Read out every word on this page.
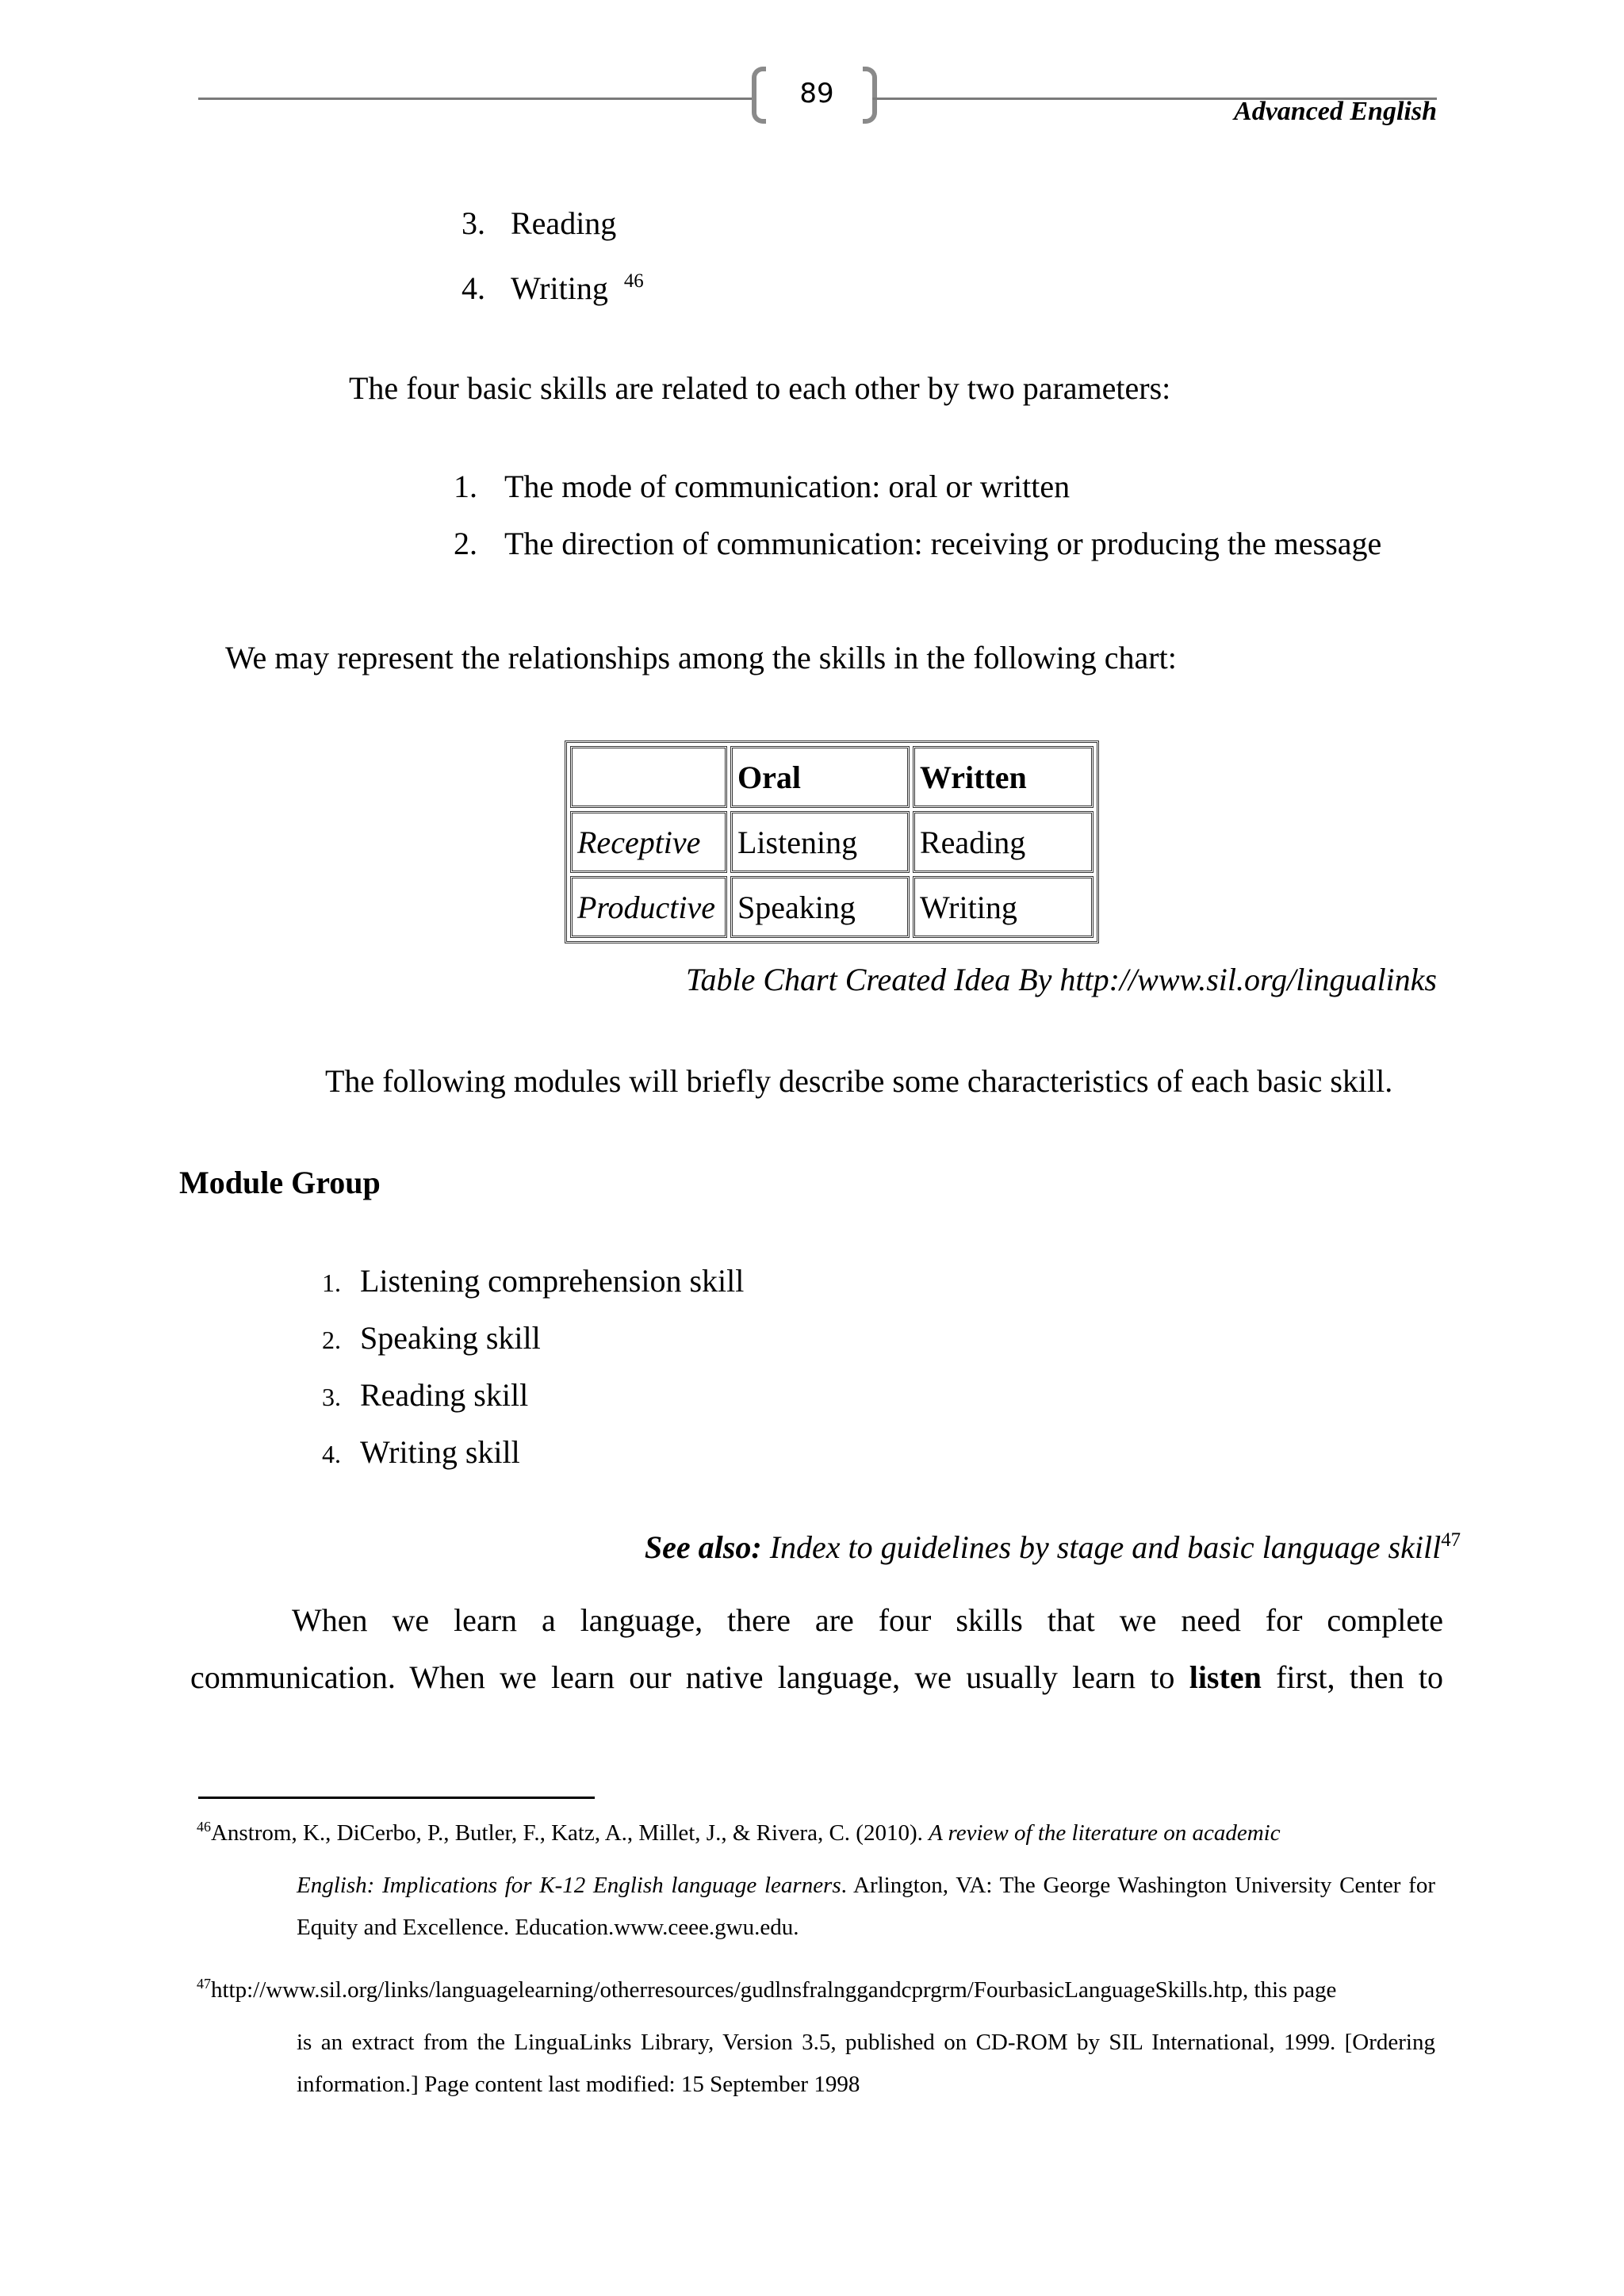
89
Advanced English
3. Reading
4. Writing $^{46}$
The four basic skills are related to each other by two parameters:
1. The mode of communication: oral or written
2. The direction of communication: receiving or producing the message
We may represent the relationships among the skills in the following chart:
	Oral	Written
Receptive	Listening	Reading
Productive	Speaking	Writing
Table Chart Created Idea By http://www.sil.org/lingualinks
The following modules will briefly describe some characteristics of each basic skill.
Module Group
1. Listening comprehension skill
2. Speaking skill
3. Reading skill
4. Writing skill
See also: Index to guidelines by stage and basic language skill$^{47}$
When we learn a language, there are four skills that we need for complete
communication. When we learn our native language, we usually learn to listen first, then to
$^{46}$Anstrom, K., DiCerbo, P., Butler, F., Katz, A., Millet, J., & Rivera, C. (2010). A review of the literature on academic
English: Implications for K-12 English language learners. Arlington, VA: The George Washington University Center for Equity and Excellence. Education.www.ceee.gwu.edu.
$^{47}$http://www.sil.org/links/languagelearning/otherresources/gudlnsfralnggandcprgrm/FourbasicLanguageSkills.htp, this page
is an extract from the LinguaLinks Library, Version 3.5, published on CD-ROM by SIL International, 1999. [Ordering information.] Page content last modified: 15 September 1998
